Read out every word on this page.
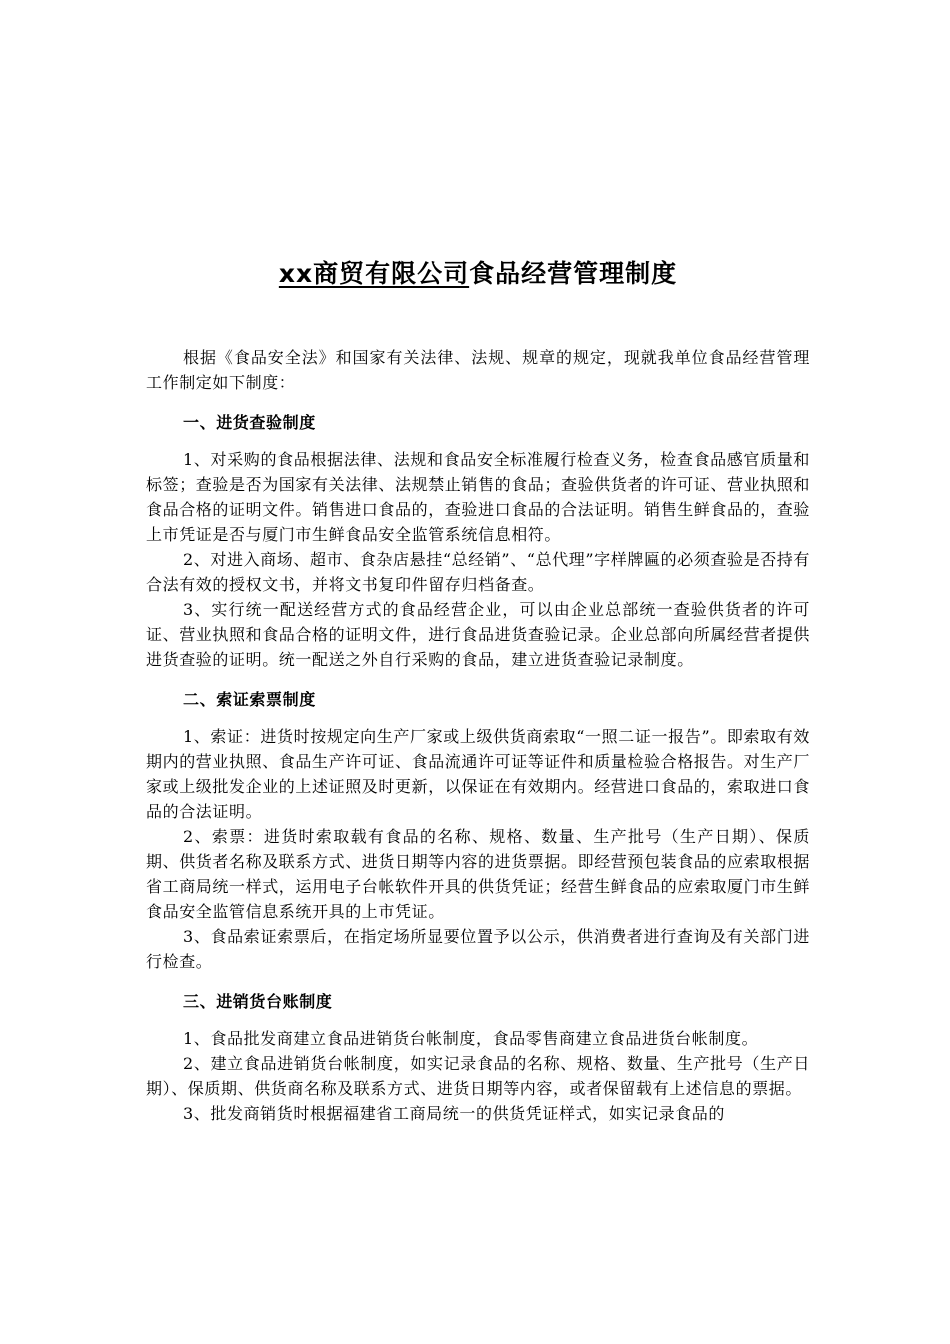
xx商贸有限公司食品经营管理制度

根据《食品安全法》和国家有关法律、法规、规章的规定，现就我单位食品经营管理工作制定如下制度：

一、进货查验制度

1、对采购的食品根据法律、法规和食品安全标准履行检查义务，检查食品感官质量和标签；查验是否为国家有关法律、法规禁止销售的食品；查验供货者的许可证、营业执照和食品合格的证明文件。销售进口食品的，查验进口食品的合法证明。销售生鲜食品的，查验上市凭证是否与厦门市生鲜食品安全监管系统信息相符。

2、对进入商场、超市、食杂店悬挂“总经销”、“总代理”字样牌匾的必须查验是否持有合法有效的授权文书，并将文书复印件留存归档备查。

3、实行统一配送经营方式的食品经营企业，可以由企业总部统一查验供货者的许可证、营业执照和食品合格的证明文件，进行食品进货查验记录。企业总部向所属经营者提供进货查验的证明。统一配送之外自行采购的食品，建立进货查验记录制度。

二、索证索票制度

1、索证：进货时按规定向生产厂家或上级供货商索取“一照二证一报告”。即索取有效期内的营业执照、食品生产许可证、食品流通许可证等证件和质量检验合格报告。对生产厂家或上级批发企业的上述证照及时更新，以保证在有效期内。经营进口食品的，索取进口食品的合法证明。

2、索票：进货时索取载有食品的名称、规格、数量、生产批号（生产日期）、保质期、供货者名称及联系方式、进货日期等内容的进货票据。即经营预包装食品的应索取根据省工商局统一样式，运用电子台帐软件开具的供货凭证；经营生鲜食品的应索取厦门市生鲜食品安全监管信息系统开具的上市凭证。

3、食品索证索票后，在指定场所显要位置予以公示，供消费者进行查询及有关部门进行检查。

三、进销货台账制度

1、食品批发商建立食品进销货台帐制度，食品零售商建立食品进货台帐制度。

2、建立食品进销货台帐制度，如实记录食品的名称、规格、数量、生产批号（生产日期）、保质期、供货商名称及联系方式、进货日期等内容，或者保留载有上述信息的票据。

3、批发商销货时根据福建省工商局统一的供货凭证样式，如实记录食品的
